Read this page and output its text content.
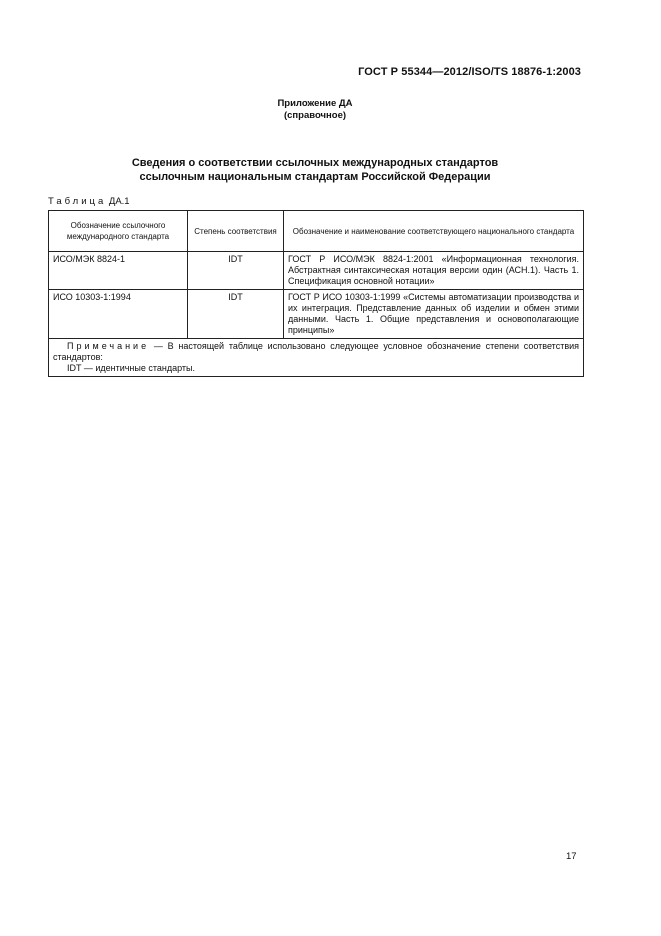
ГОСТ Р 55344—2012/ISO/TS 18876-1:2003
Приложение ДА
(справочное)
Сведения о соответствии ссылочных международных стандартов
ссылочным национальным стандартам Российской Федерации
Таблица ДА.1
Обозначение ссылочного международного стандарта	Степень соответствия	Обозначение и наименование соответствующего национального стандарта
ИСО/МЭК 8824-1	IDT	ГОСТ Р ИСО/МЭК 8824-1:2001 «Информационная технология. Абстрактная синтаксическая нотация версии один (АСН.1). Часть 1. Спецификация основной нотации»
ИСО 10303-1:1994	IDT	ГОСТ Р ИСО 10303-1:1999 «Системы автоматизации производства и их интеграция. Представление данных об изделии и обмен этими данными. Часть 1. Общие представления и основополагающие принципы»

Примечание — В настоящей таблице использовано следующее условное обозначение степени соответствия стандартов:
IDT — идентичные стандарты.		
17
